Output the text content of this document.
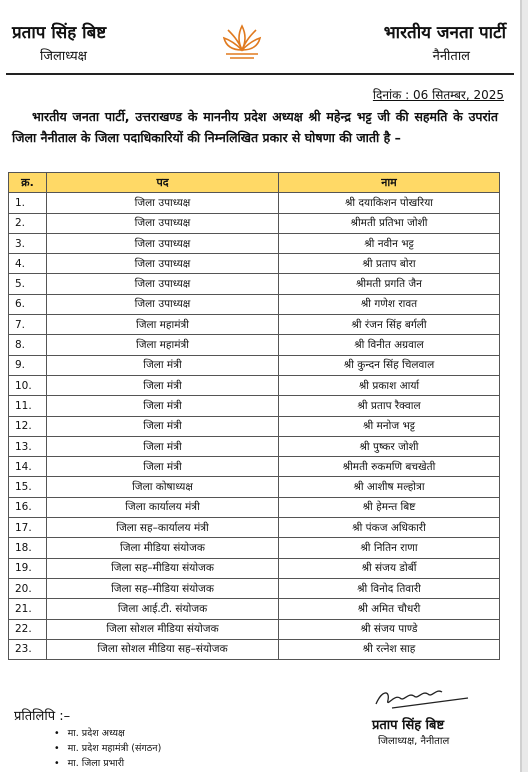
प्रताप सिंह बिष्ट
जिलाध्यक्ष
भारतीय जनता पार्टी
नैनीताल
दिनांक : 06 सितम्बर, 2025
भारतीय जनता पार्टी, उत्तराखण्ड के माननीय प्रदेश अध्यक्ष श्री महेन्द्र भट्ट जी की सहमति के उपरांत जिला नैनीताल के जिला पदाधिकारियों की निम्नलिखित प्रकार से घोषणा की जाती है –
क्र.	पद	नाम
1.	जिला उपाध्यक्ष	श्री दयाकिशन पोखरिया
2.	जिला उपाध्यक्ष	श्रीमती प्रतिभा जोशी
3.	जिला उपाध्यक्ष	श्री नवीन भट्ट
4.	जिला उपाध्यक्ष	श्री प्रताप बोरा
5.	जिला उपाध्यक्ष	श्रीमती प्रगति जैन
6.	जिला उपाध्यक्ष	श्री गणेश रावत
7.	जिला महामंत्री	श्री रंजन सिंह बर्गली
8.	जिला महामंत्री	श्री विनीत अग्रवाल
9.	जिला मंत्री	श्री कुन्दन सिंह चिलवाल
10.	जिला मंत्री	श्री प्रकाश आर्या
11.	जिला मंत्री	श्री प्रताप रैक्वाल
12.	जिला मंत्री	श्री मनोज भट्ट
13.	जिला मंत्री	श्री पुष्कर जोशी
14.	जिला मंत्री	श्रीमती रुकमणि बचखेती
15.	जिला कोषाध्यक्ष	श्री आशीष मल्होत्रा
16.	जिला कार्यालय मंत्री	श्री हेमन्त बिष्ट
17.	जिला सह–कार्यालय मंत्री	श्री पंकज अधिकारी
18.	जिला मीडिया संयोजक	श्री नितिन राणा
19.	जिला सह–मीडिया संयोजक	श्री संजय डोर्बी
20.	जिला सह–मीडिया संयोजक	श्री विनोद तिवारी
21.	जिला आई.टी. संयोजक	श्री अमित चौधरी
22.	जिला सोशल मीडिया संयोजक	श्री संजय पाण्डे
23.	जिला सोशल मीडिया सह–संयोजक	श्री रत्नेश साह
प्रतिलिपि :–
• मा. प्रदेश अध्यक्ष
• मा. प्रदेश महामंत्री (संगठन)
• मा. जिला प्रभारी
प्रताप सिंह बिष्ट
जिलाध्यक्ष, नैनीताल
